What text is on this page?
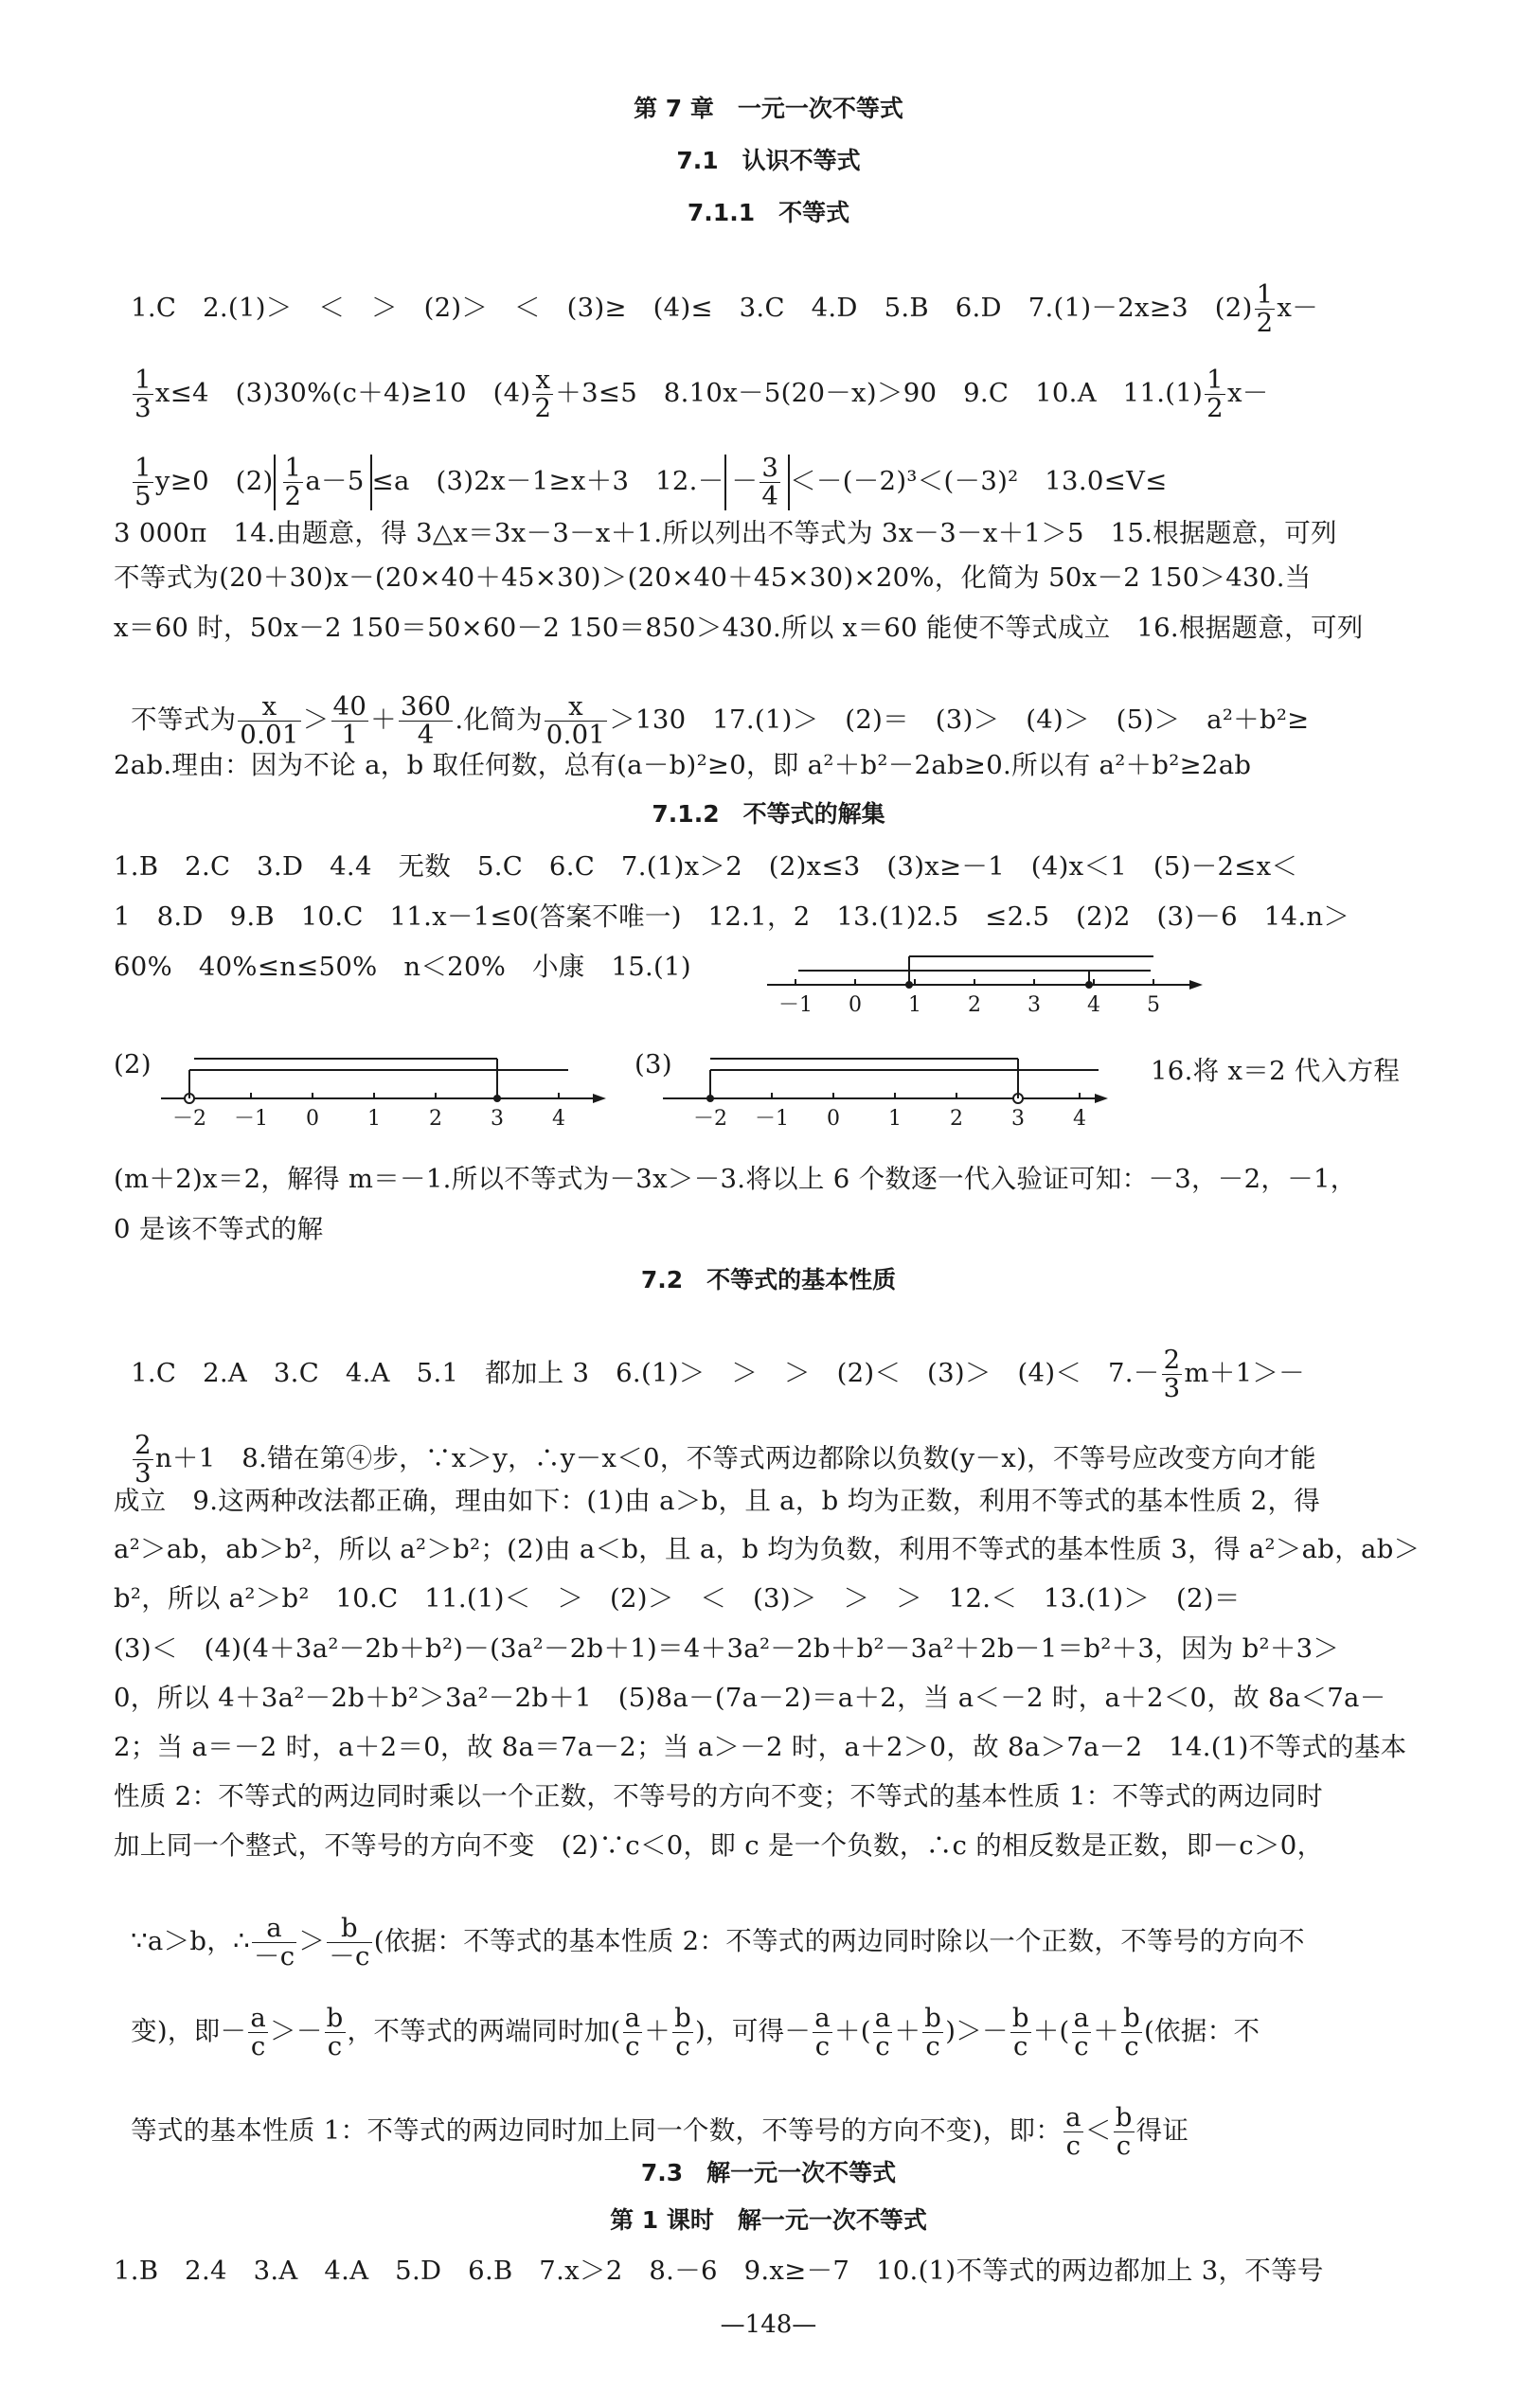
第 7 章　一元一次不等式
7.1　认识不等式
7.1.1　不等式

1.C　2.(1)＞　＜　＞　(2)＞　＜　(3)≥　(4)≤　3.C　4.D　5.B　6.D　7.(1)－2x≥3　$(2) \frac{1}{2} x-$

$\frac{1}{3} x\le 4$　(3)30%(c＋4)≥10　$(4) \frac{x}{2} +3\le 5$　8.10x－5(20－x)＞90　9.C　10.A　$11.(1) \frac{1}{2} x-$

$\frac{1}{5} y\ge 0$　$(2) \frac{1}{2} a-5 \le a$　(3)2x－1≥x＋3　$12.- - \frac{3}{4} <-(-2)^3<(-3)^2$　13.0≤V≤

3 000π　14.由题意，得 3△x＝3x－3－x＋1.所以列出不等式为 3x－3－x＋1＞5　15.根据题意，可列
不等式为(20＋30)x－(20×40＋45×30)＞(20×40＋45×30)×20%，化简为 50x－2 150＞430.当
x＝60 时，50x－2 150＝50×60－2 150＝850＞430.所以 x＝60 能使不等式成立　16.根据题意，可列

不等式为 $\frac{x}{0.01} > \frac{40}{1} + \frac{360}{4}$ .化简为 $\frac{x}{0.01} >130$　17.(1)＞　(2)＝　(3)＞　(4)＞　(5)＞　a²＋b²≥

2ab.理由：因为不论 a，b 取任何数，总有(a－b)²≥0，即 a²＋b²－2ab≥0.所以有 a²＋b²≥2ab
7.1.2　不等式的解集
1.B　2.C　3.D　4.4　无数　5.C　6.C　7.(1)x＞2　(2)x≤3　(3)x≥－1　(4)x＜1　(5)－2≤x＜
1　8.D　9.B　10.C　11.x－1≤0(答案不唯一)　12.1，2　13.(1)2.5　≤2.5　(2)2　(3)－6　14.n＞
60%　40%≤n≤50%　n＜20%　小康　15.(1)
－1 0 1 2 3 4 5
(2)
－2 －1 0 1 2 3 4
(3)
－2 －1 0 1 2 3 4
16.将 x＝2 代入方程
(m＋2)x＝2，解得 m＝－1.所以不等式为－3x＞－3.将以上 6 个数逐一代入验证可知：－3，－2，－1，
0 是该不等式的解
7.2　不等式的基本性质

1.C　2.A　3.C　4.A　5.1　都加上 3　6.(1)＞　＞　＞　(2)＜　(3)＞　(4)＜　$7.- \frac{2}{3} m+1>-$

$\frac{2}{3} n+1$　8.错在第④步，∵x＞y，∴y－x＜0，不等式两边都除以负数(y－x)，不等号应改变方向才能

成立　9.这两种改法都正确，理由如下：(1)由 a＞b，且 a，b 均为正数，利用不等式的基本性质 2，得
a²＞ab，ab＞b²，所以 a²＞b²；(2)由 a＜b，且 a，b 均为负数，利用不等式的基本性质 3，得 a²＞ab，ab＞
b²，所以 a²＞b²　10.C　11.(1)＜　＞　(2)＞　＜　(3)＞　＞　＞　12.＜　13.(1)＞　(2)＝
(3)＜　(4)(4＋3a²－2b＋b²)－(3a²－2b＋1)＝4＋3a²－2b＋b²－3a²＋2b－1＝b²＋3，因为 b²＋3＞
0，所以 4＋3a²－2b＋b²＞3a²－2b＋1　(5)8a－(7a－2)＝a＋2，当 a＜－2 时，a＋2＜0，故 8a＜7a－
2；当 a＝－2 时，a＋2＝0，故 8a＝7a－2；当 a＞－2 时，a＋2＞0，故 8a＞7a－2　14.(1)不等式的基本
性质 2：不等式的两边同时乘以一个正数，不等号的方向不变；不等式的基本性质 1：不等式的两边同时
加上同一个整式，不等号的方向不变　(2)∵c＜0，即 c 是一个负数，∴c 的相反数是正数，即－c＞0，

∵a＞b，∴ $\frac{a}{-c} > \frac{b}{-c}$ (依据：不等式的基本性质 2：不等式的两边同时除以一个正数，不等号的方向不

变)，即－ $\frac{a}{c} >- \frac{b}{c}$ ，不等式的两端同时加( $\frac{a}{c} + \frac{b}{c}$ )，可得－ $\frac{a}{c}$ ＋( $\frac{a}{c} + \frac{b}{c}$ )＞－ $\frac{b}{c}$ ＋( $\frac{a}{c} + \frac{b}{c}$ (依据：不

等式的基本性质 1：不等式的两边同时加上同一个数，不等号的方向不变)，即： $\frac{a}{c} < \frac{b}{c}$ 得证

7.3　解一元一次不等式
第 1 课时　解一元一次不等式
1.B　2.4　3.A　4.A　5.D　6.B　7.x＞2　8.－6　9.x≥－7　10.(1)不等式的两边都加上 3，不等号
—148—
